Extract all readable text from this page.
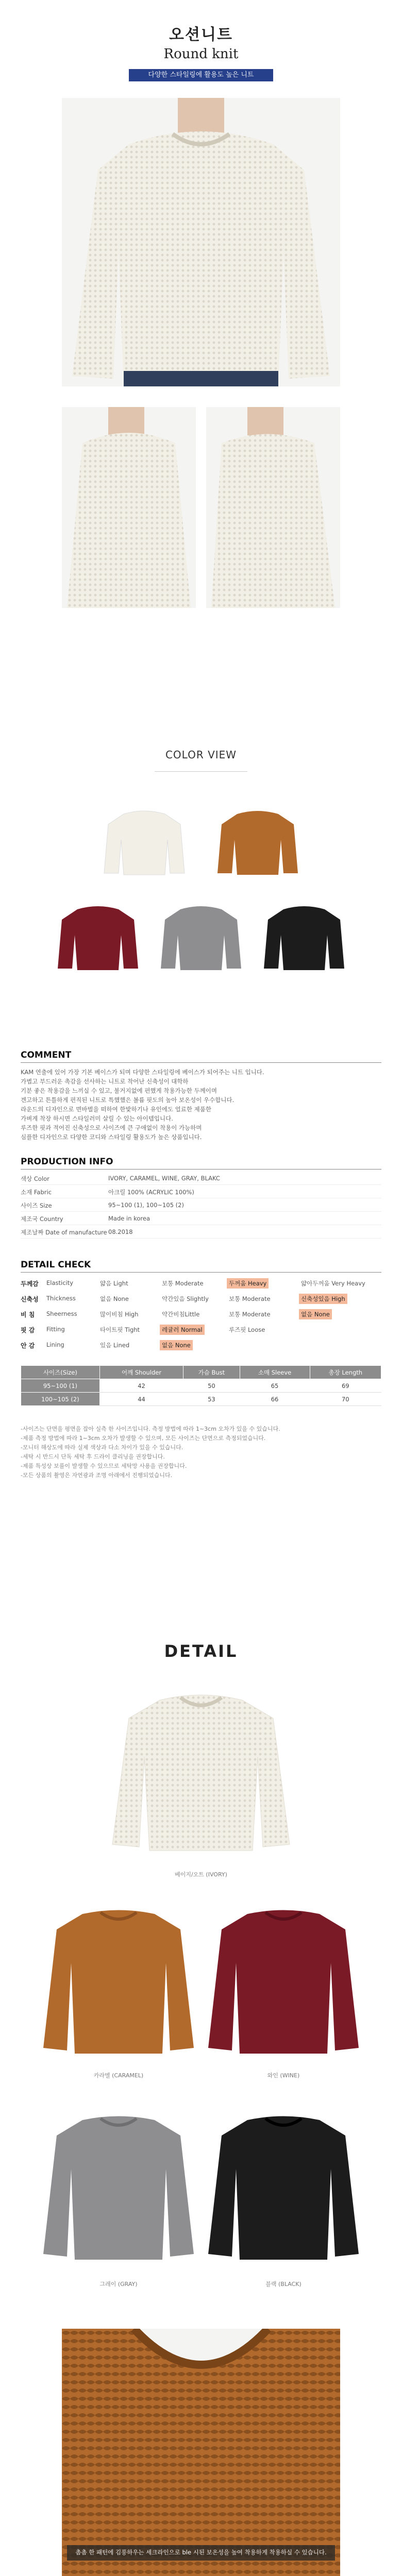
오션니트
Round knit
다양한 스타일링에 활용도 높은 니트
COLOR VIEW
COMMENT

KAM 연출에 있어 가장 기본 베이스가 되며 다양한 스타일링에 베이스가 되어주는 니트 입니다.

가볍고 부드러운 촉감을 선사하는 니트로 착어난 신축성이 대학하

기분 좋은 착용감을 느끼실 수 있고, 불거지없에 편했게 착용가능한 두께이며

겐고하고 튼틀하게 편직된 니트로 특했했은 볼륨 핏도의 높아 보온성이 우수합니다.

라운드의 디자인으로 면바벌을 떠하여 한밫하기나 유인에도 얼료한 제품한

가벼게 착장 하시면 스타일러미 살릴 수 있는 아이템입니다.

루즈한 핏과 적어진 신축성으로 사이즈에 큰 구애없이 착용이 가능하며

심플한 디자인으로 다양한 코디와 스타일링 활용도가 높은 상품입니다.

PRODUCTION INFO
색상 Color	IVORY, CARAMEL, WINE, GRAY, BLAKC
소재 Fabric	아크릴 100% (ACRYLIC 100%)
사이즈 Size	95~100 (1), 100~105 (2)
제조국 Country	Made in korea
제조날짜 Date of manufacture 08.2018
DETAIL CHECK
두께감 Elasticity	얇음 Light	보통 Moderate	두꺼움 Heavy	얇아두꺼움 Very Heavy
신축성 Thickness	없음 None	약간있음 Slightly	보통 Moderate	신축성있음 High
비 침 Sheerness	많이비침 High	약간비침Little	보통 Moderate	없음 None
핏 감 Fitting	타이트핏 Tight	레귤러 Normal	루즈핏 Loose
안 감 Lining	있음 Lined	없음 None
사이즈(Size)	어깨 Shoulder	가슴 Bust	소매 Sleeve	총장 Length
95~100 (1)	42	50	65	69
100~105 (2)	44	53	66	70

-사이즈는 단면을 평면을 잡아 실측 한 사이즈입니다. 측정 방법에 따라 1~3cm 오차가 있을 수 있습니다.

-제품 측정 방법에 따라 1~3cm 오차가 발생할 수 있으며, 모든 사이즈는 단면으로 측정되었습니다.

-모니터 해상도에 따라 실제 색상과 다소 차이가 있을 수 있습니다.

-세탁 시 반드시 단독 세탁 후 드라이 클리닝을 권장합니다.

-제품 특성상 보풀이 발생할 수 있으므로 세탁망 사용을 권장합니다.

-모든 상품의 촬영은 자연광과 조명 아래에서 진행되었습니다.

DETAIL
베이지/오트 (IVORY)
카라멜 (CARAMEL)	와인 (WINE)
그레이 (GRAY)	블랙 (BLACK)
촘촘 한 패턴에 김풍하우는 세크라인으로 ble 시된 보온성을 높여 착용하게 착용하실 수 있습니다.
